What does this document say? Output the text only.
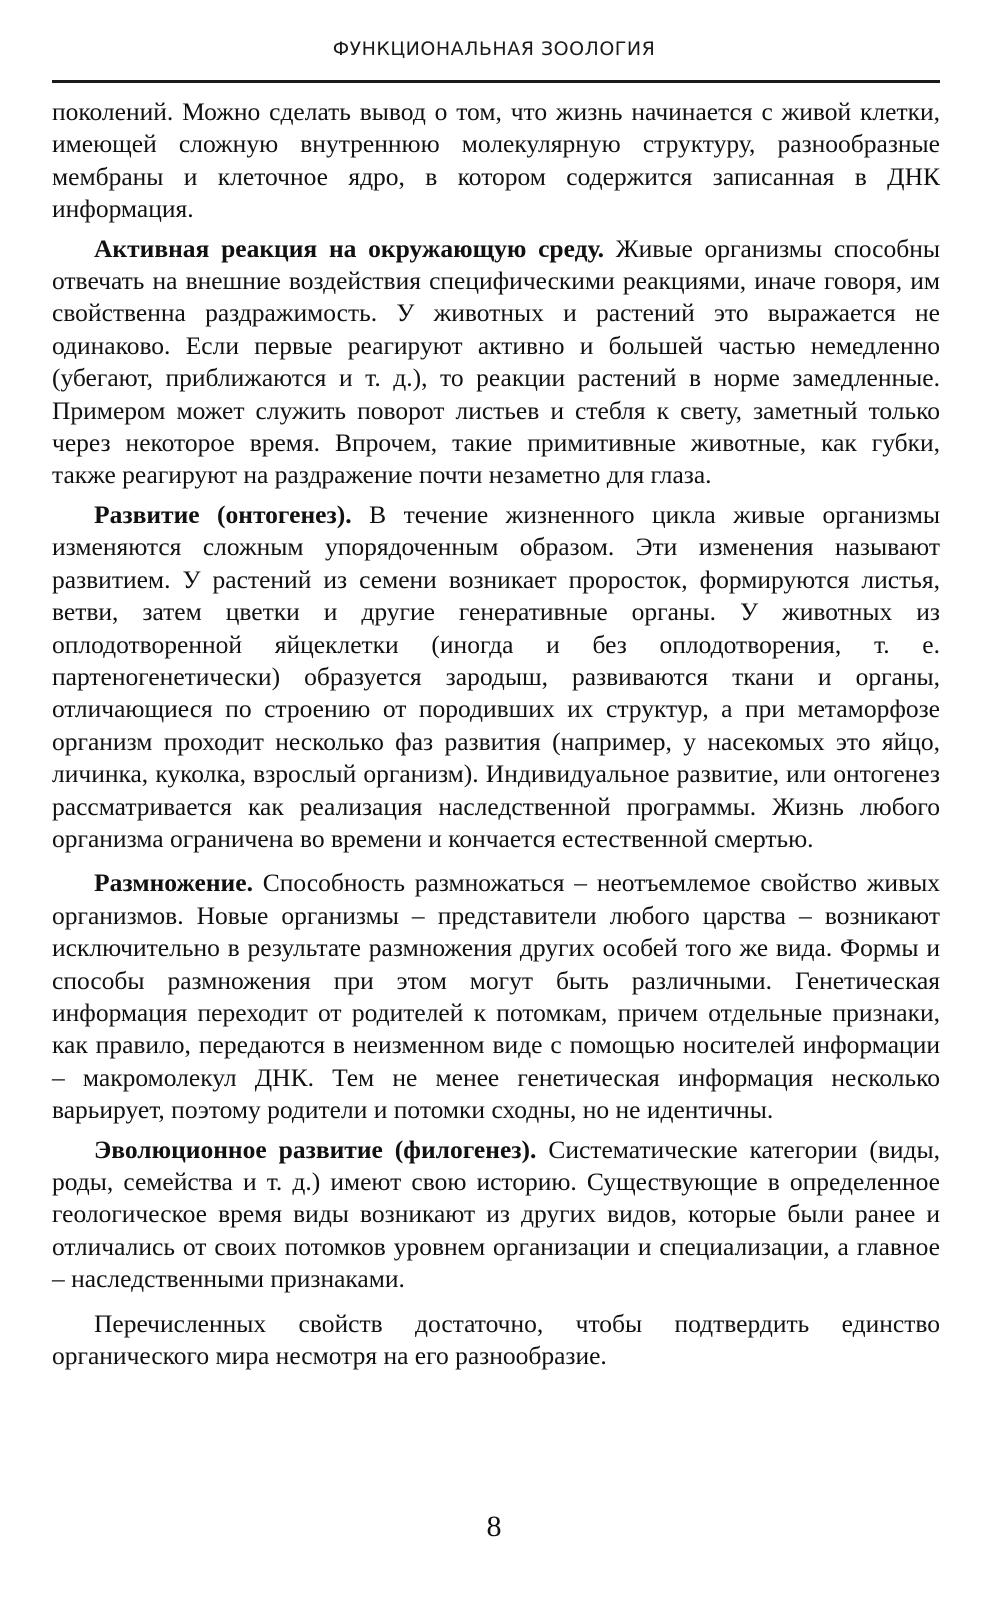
ФУНКЦИОНАЛЬНАЯ ЗООЛОГИЯ

поколений. Можно сделать вывод о том, что жизнь начинается с живой клетки, имеющей сложную внутреннюю молекулярную структуру, разнообразные мембраны и клеточное ядро, в котором содержится записанная в ДНК информация.

Активная реакция на окружающую среду. Живые организмы способны отвечать на внешние воздействия специфическими реакциями, иначе говоря, им свойственна раздражимость. У животных и растений это выражается не одинаково. Если первые реагируют активно и большей частью немедленно (убегают, приближаются и т. д.), то реакции растений в норме замедленные. Примером может служить поворот листьев и стебля к свету, заметный только через некоторое время. Впрочем, такие примитивные животные, как губки, также реагируют на раздражение почти незаметно для глаза.

Развитие (онтогенез). В течение жизненного цикла живые организмы изменяются сложным упорядоченным образом. Эти изменения называют развитием. У растений из семени возникает проросток, формируются листья, ветви, затем цветки и другие генеративные органы. У животных из оплодотворенной яйцеклетки (иногда и без оплодотворения, т. е. партеногенетически) образуется зародыш, развиваются ткани и органы, отличающиеся по строению от породивших их структур, а при метаморфозе организм проходит несколько фаз развития (например, у насекомых это яйцо, личинка, куколка, взрослый организм). Индивидуальное развитие, или онтогенез рассматривается как реализация наследственной программы. Жизнь любого организма ограничена во времени и кончается естественной смертью.

Размножение. Способность размножаться – неотъемлемое свойство живых организмов. Новые организмы – представители любого царства – возникают исключительно в результате размножения других особей того же вида. Формы и способы размножения при этом могут быть различными. Генетическая информация переходит от родителей к потомкам, причем отдельные признаки, как правило, передаются в неизменном виде с помощью носителей информации – макромолекул ДНК. Тем не менее генетическая информация несколько варьирует, поэтому родители и потомки сходны, но не идентичны.

Эволюционное развитие (филогенез). Систематические категории (виды, роды, семейства и т. д.) имеют свою историю. Существующие в определенное геологическое время виды возникают из других видов, которые были ранее и отличались от своих потомков уровнем организации и специализации, а главное – наследственными признаками.

Перечисленных свойств достаточно, чтобы подтвердить единство органического мира несмотря на его разнообразие.

8
